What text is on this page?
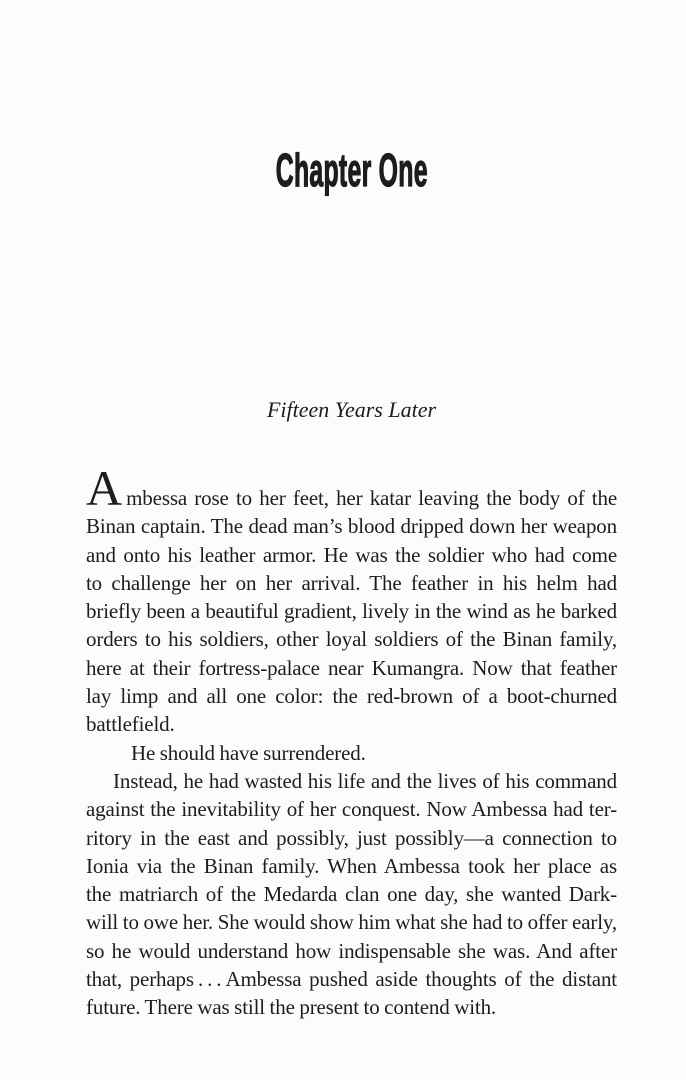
Chapter One
Fifteen Years Later
Ambessa rose to her feet, her katar leaving the body of the
Binan captain. The dead man’s blood dripped down her weapon
and onto his leather armor. He was the soldier who had come
to challenge her on her arrival. The feather in his helm had
briefly been a beautiful gradient, lively in the wind as he barked
orders to his soldiers, other loyal soldiers of the Binan family,
here at their fortress-palace near Kumangra. Now that feather
lay limp and all one color: the red-brown of a boot-churned
battlefield.
He should have surrendered.
Instead, he had wasted his life and the lives of his command
against the inevitability of her conquest. Now Ambessa had ter-
ritory in the east and possibly, just possibly—a connection to
Ionia via the Binan family. When Ambessa took her place as
the matriarch of the Medarda clan one day, she wanted Dark-
will to owe her. She would show him what she had to offer early,
so he would understand how indispensable she was. And after
that, perhaps . . . Ambessa pushed aside thoughts of the distant
future. There was still the present to contend with.
